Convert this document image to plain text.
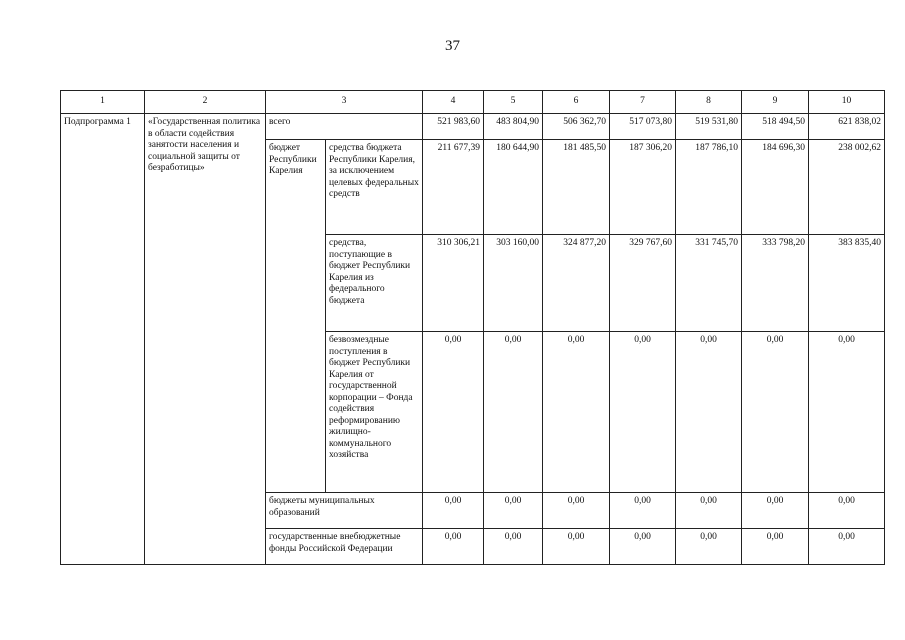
37
1	2	3		4	5	6	7	8	9	10
Подпрограмма 1	«Государственная политика в области содействия занятости населения и социальной защиты от безработицы»	всего		521 983,60	483 804,90	506 362,70	517 073,80	519 531,80	518 494,50	621 838,02
		бюджет Республики Карелия	средства бюджета Республики Карелия, за исключением целевых федеральных средств	211 677,39	180 644,90	181 485,50	187 306,20	187 786,10	184 696,30	238 002,62
			средства, поступающие в бюджет Республики Карелия из федерального бюджета	310 306,21	303 160,00	324 877,20	329 767,60	331 745,70	333 798,20	383 835,40
			безвозмездные поступления в бюджет Республики Карелия от государственной корпорации – Фонда содействия реформированию жилищно-коммунального хозяйства	0,00	0,00	0,00	0,00	0,00	0,00	0,00
		бюджеты муниципальных образований		0,00	0,00	0,00	0,00	0,00	0,00	0,00
		государственные внебюджетные фонды Российской Федерации		0,00	0,00	0,00	0,00	0,00	0,00	0,00
